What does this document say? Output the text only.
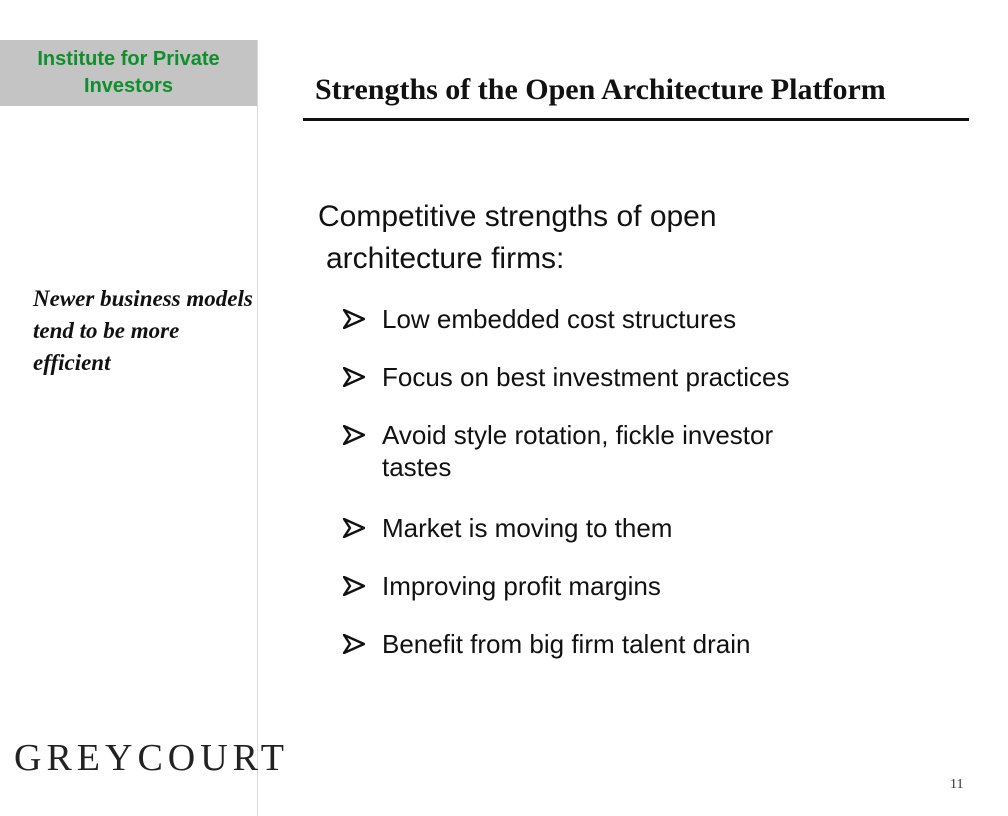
Institute for Private Investors	Strengths of the Open Architecture Platform
Newer business models tend to be more efficient
Competitive strengths of open
architecture firms:
Low embedded cost structures
Focus on best investment practices
Avoid style rotation, fickle investor
tastes
Market is moving to them
Improving profit margins
Benefit from big firm talent drain
GREYCOURT
11
